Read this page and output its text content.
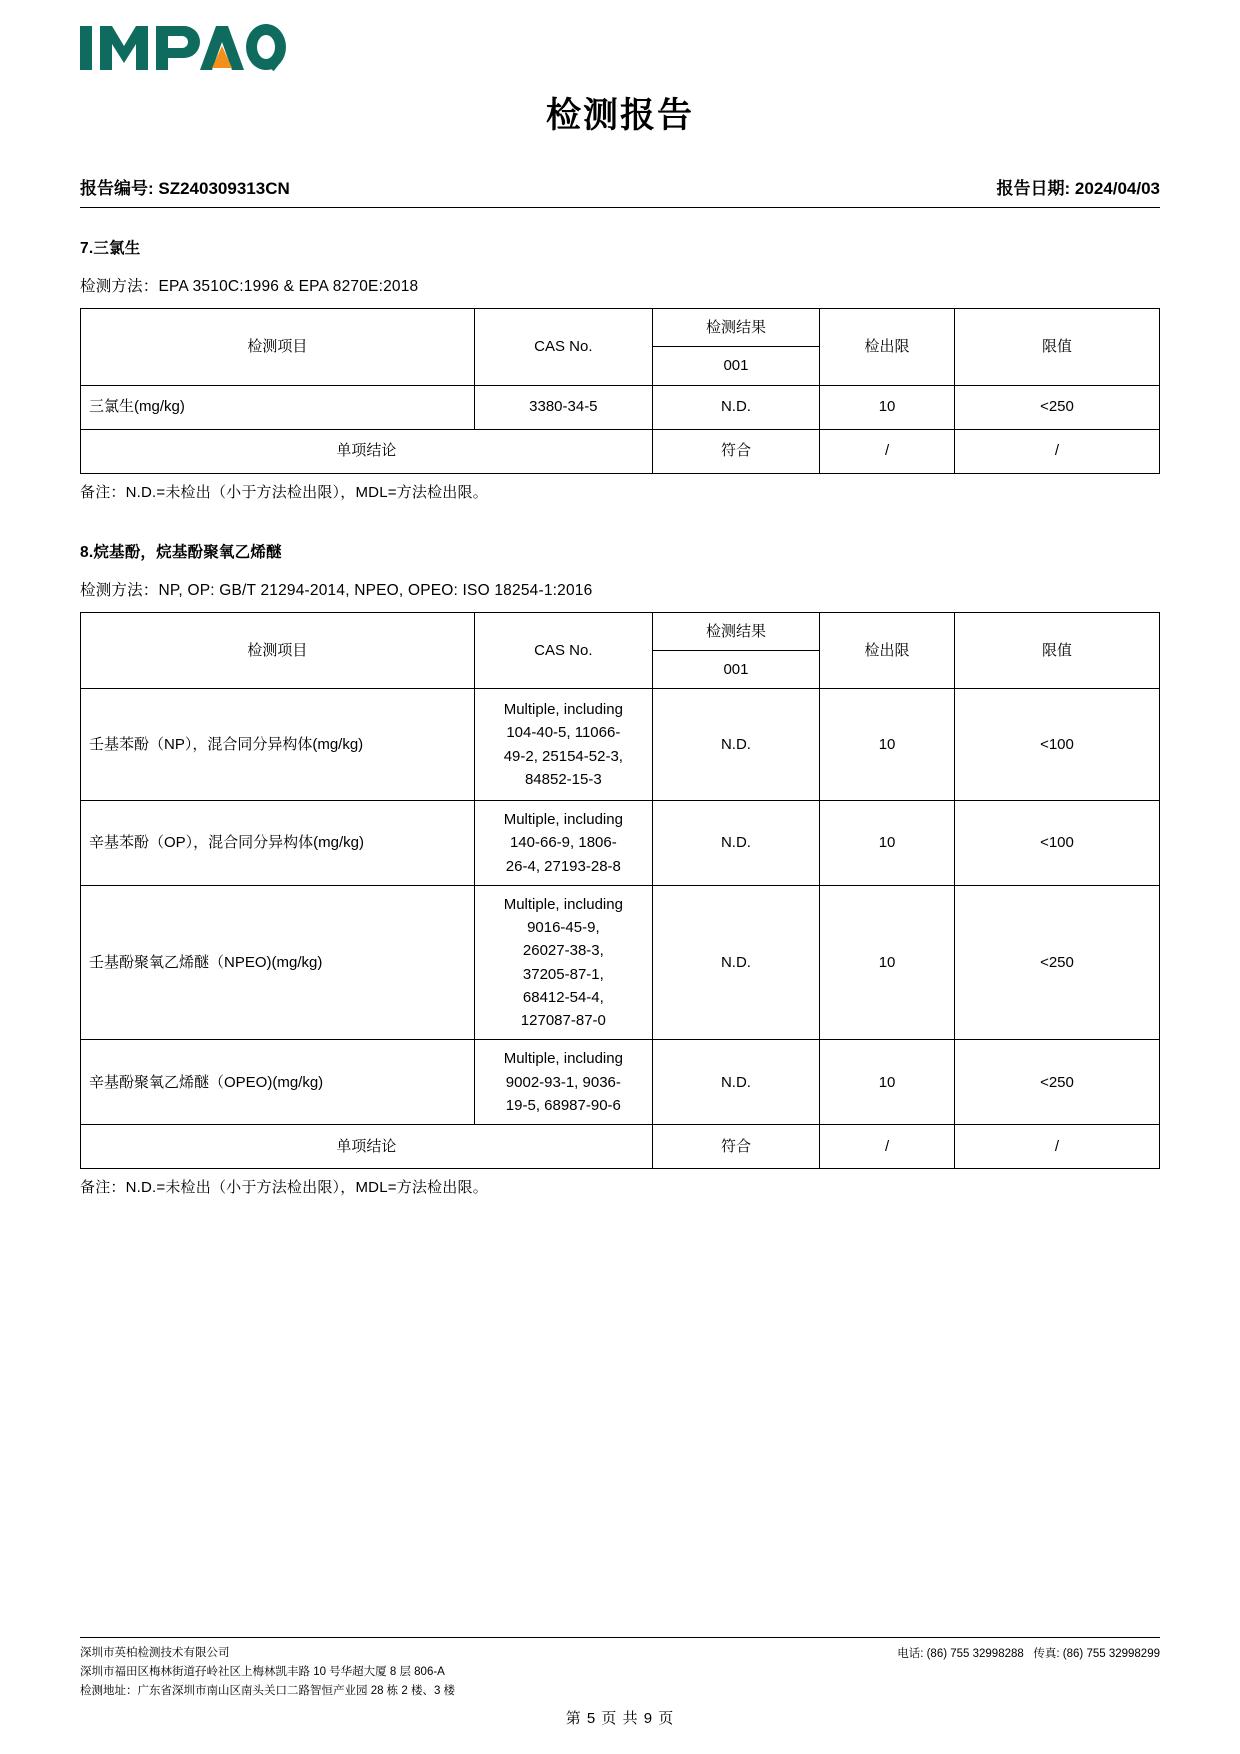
检测报告
报告编号: SZ240309313CN	报告日期: 2024/04/03
7.三氯生
检测方法：EPA 3510C:1996 & EPA 8270E:2018
检测项目	CAS No.	检测结果	检出限	限值
		001		
三氯生(mg/kg)	3380-34-5	N.D.	10	<250
单项结论		符合	/	/
备注：N.D.=未检出（小于方法检出限），MDL=方法检出限。
8.烷基酚，烷基酚聚氧乙烯醚
检测方法：NP, OP: GB/T 21294-2014, NPEO, OPEO: ISO 18254-1:2016
检测项目	CAS No.	检测结果	检出限	限值
		001		
壬基苯酚（NP），混合同分异构体(mg/kg)	Multiple, including
104-40-5, 11066-
49-2, 25154-52-3,
84852-15-3	N.D.	10	<100
辛基苯酚（OP），混合同分异构体(mg/kg)	Multiple, including
140-66-9, 1806-
26-4, 27193-28-8	N.D.	10	<100
壬基酚聚氧乙烯醚（NPEO)(mg/kg)	
Multiple, including
9016-45-9,
26027-38-3,
37205-87-1,
68412-54-4,
127087-87-0
	N.D.	10	<250
辛基酚聚氧乙烯醚（OPEO)(mg/kg)	Multiple, including
9002-93-1, 9036-
19-5, 68987-90-6	N.D.	10	<250
单项结论		符合	/	/
备注：N.D.=未检出（小于方法检出限），MDL=方法检出限。
深圳市英柏检测技术有限公司
深圳市福田区梅林街道孖岭社区上梅林凯丰路 10 号华超大厦 8 层 806-A
检测地址：广东省深圳市南山区南头关口二路智恒产业园 28 栋 2 楼、3 楼
电话: (86) 755 32998288 传真: (86) 755 32998299
第 5 页 共 9 页
